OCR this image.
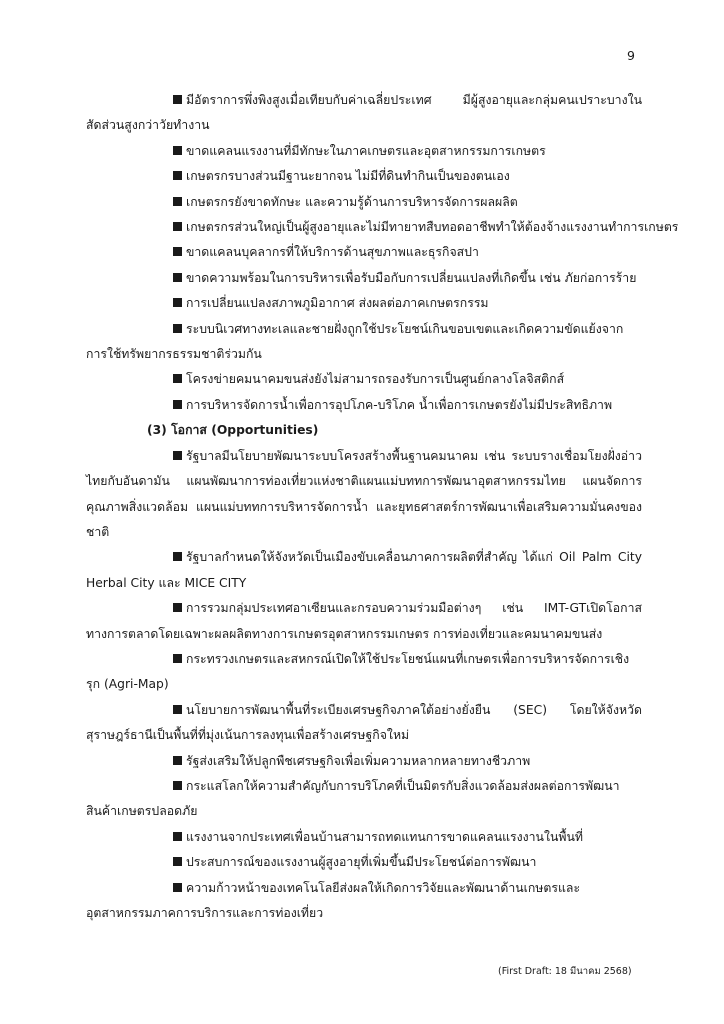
9

มีอัตราการพึ่งพิงสูงเมื่อเทียบกับค่าเฉลี่ยประเทศ มีผู้สูงอายุและกลุ่มคนเปราะบางในสัดส่วนสูงกว่าวัยทำงาน

ขาดแคลนแรงงานที่มีทักษะในภาคเกษตรและอุตสาหกรรมการเกษตร

เกษตรกรบางส่วนมีฐานะยากจน ไม่มีที่ดินทำกินเป็นของตนเอง

เกษตรกรยังขาดทักษะ และความรู้ด้านการบริหารจัดการผลผลิต

เกษตรกรส่วนใหญ่เป็นผู้สูงอายุและไม่มีทายาทสืบทอดอาชีพทำให้ต้องจ้างแรงงานทำการเกษตร

ขาดแคลนบุคลากรที่ให้บริการด้านสุขภาพและธุรกิจสปา

ขาดความพร้อมในการบริหารเพื่อรับมือกับการเปลี่ยนแปลงที่เกิดขึ้น เช่น ภัยก่อการร้าย

การเปลี่ยนแปลงสภาพภูมิอากาศ ส่งผลต่อภาคเกษตรกรรม

ระบบนิเวศทางทะเลและชายฝั่งถูกใช้ประโยชน์เกินขอบเขตและเกิดความขัดแย้งจากการใช้ทรัพยากรธรรมชาติร่วมกัน

โครงข่ายคมนาคมขนส่งยังไม่สามารถรองรับการเป็นศูนย์กลางโลจิสติกส์

การบริหารจัดการน้ำเพื่อการอุปโภค-บริโภค น้ำเพื่อการเกษตรยังไม่มีประสิทธิภาพ

(3) โอกาส (Opportunities)

รัฐบาลมีนโยบายพัฒนาระบบโครงสร้างพื้นฐานคมนาคม เช่น ระบบรางเชื่อมโยงฝั่งอ่าวไทยกับอันดามัน แผนพัฒนาการท่องเที่ยวแห่งชาติแผนแม่บททการพัฒนาอุตสาหกรรมไทย แผนจัดการคุณภาพสิ่งแวดล้อม แผนแม่บททการบริหารจัดการน้ำ และยุทธศาสตร์การพัฒนาเพื่อเสริมความมั่นคงของชาติ

รัฐบาลกำหนดให้จังหวัดเป็นเมืองขับเคลื่อนภาคการผลิตที่สำคัญ ได้แก่ Oil Palm City Herbal City และ MICE CITY

การรวมกลุ่มประเทศอาเซียนและกรอบความร่วมมือต่างๆ เช่น IMT-GTเปิดโอกาสทางการตลาดโดยเฉพาะผลผลิตทางการเกษตรอุตสาหกรรมเกษตร การท่องเที่ยวและคมนาคมขนส่ง

กระทรวงเกษตรและสหกรณ์เปิดให้ใช้ประโยชน์แผนที่เกษตรเพื่อการบริหารจัดการเชิงรุก (Agri-Map)

นโยบายการพัฒนาพื้นที่ระเบียงเศรษฐกิจภาคใต้อย่างยั่งยืน (SEC) โดยให้จังหวัดสุราษฎร์ธานีเป็นพื้นที่ที่มุ่งเน้นการลงทุนเพื่อสร้างเศรษฐกิจใหม่

รัฐส่งเสริมให้ปลูกพืชเศรษฐกิจเพื่อเพิ่มความหลากหลายทางชีวภาพ

กระแสโลกให้ความสำคัญกับการบริโภคที่เป็นมิตรกับสิ่งแวดล้อมส่งผลต่อการพัฒนาสินค้าเกษตรปลอดภัย

แรงงานจากประเทศเพื่อนบ้านสามารถทดแทนการขาดแคลนแรงงานในพื้นที่

ประสบการณ์ของแรงงานผู้สูงอายุที่เพิ่มขึ้นมีประโยชน์ต่อการพัฒนา

ความก้าวหน้าของเทคโนโลยีส่งผลให้เกิดการวิจัยและพัฒนาด้านเกษตรและ อุตสาหกรรมภาคการบริการและการท่องเที่ยว

(First Draft: 18 มีนาคม 2568)
